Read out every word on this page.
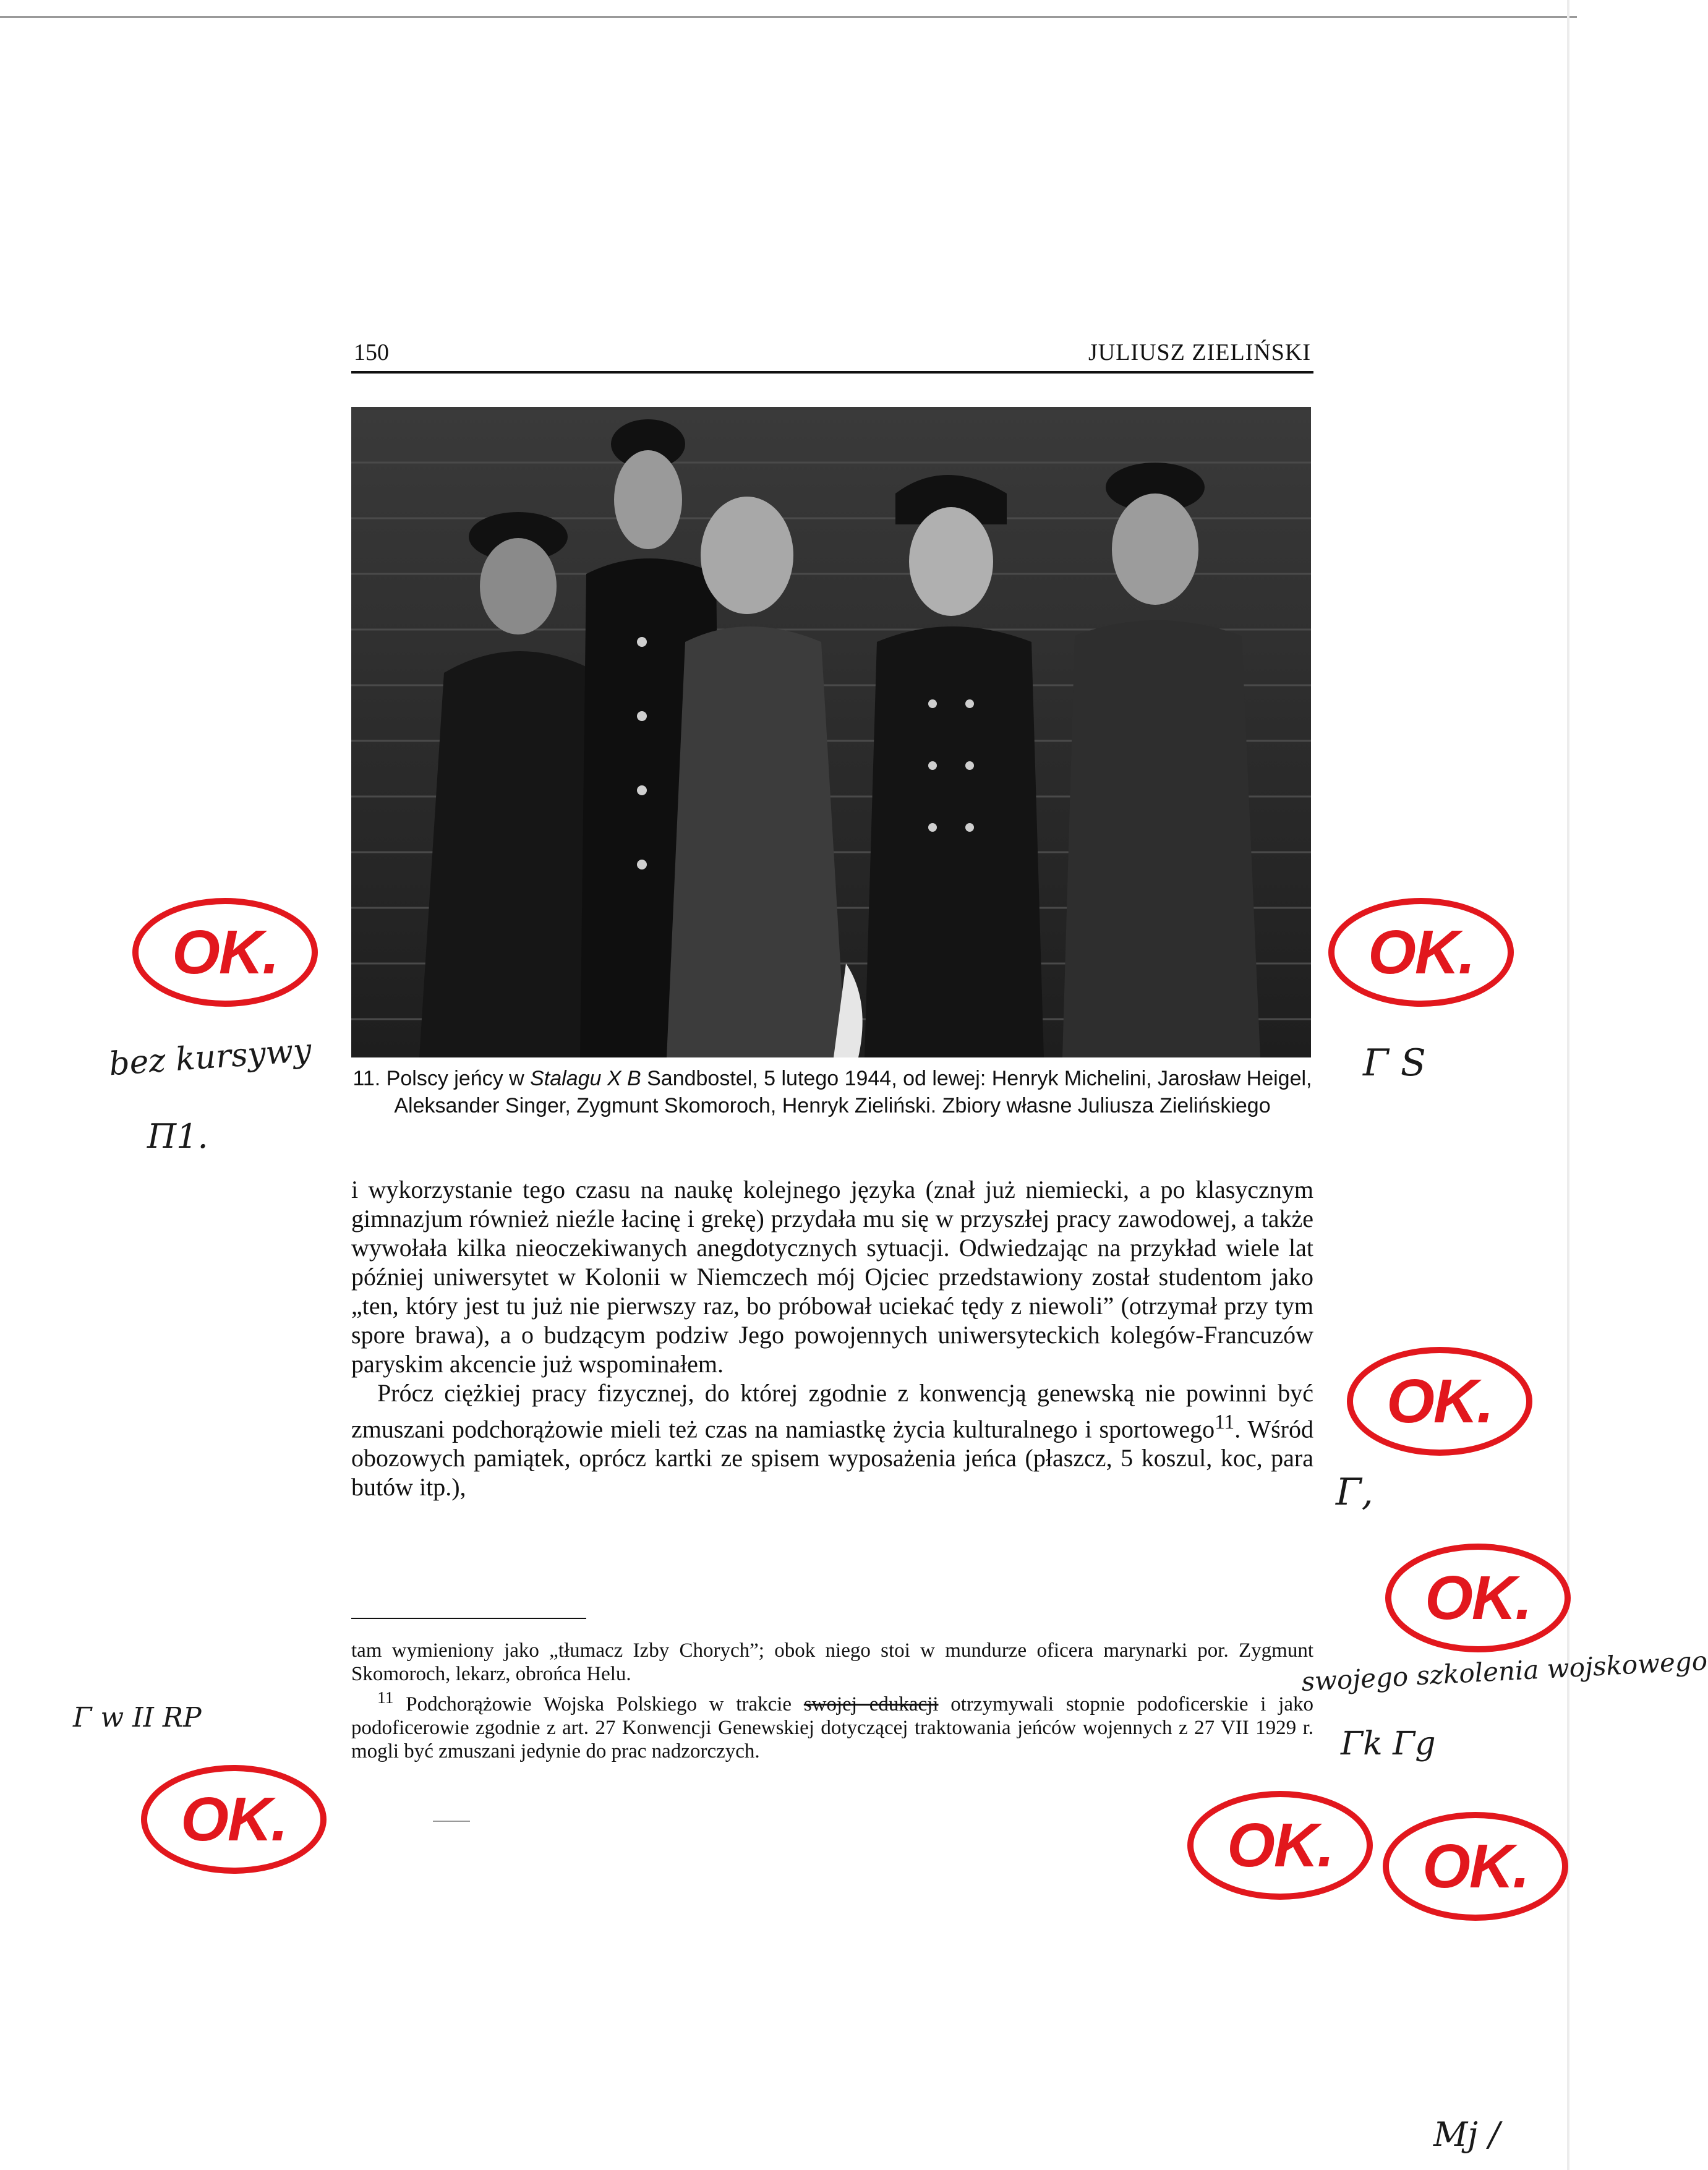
150	JULIUSZ ZIELIŃSKI
11. Polscy jeńcy w Stalagu X B Sandbostel, 5 lutego 1944, od lewej: Henryk Michelini, Jarosław Heigel, Aleksander Singer, Zygmunt Skomoroch, Henryk Zieliński. Zbiory własne Juliusza Zielińskiego

i wykorzystanie tego czasu na naukę kolejnego języka (znał już niemiecki, a po klasycznym gimnazjum również nieźle łacinę i grekę) przydała mu się w przyszłej pracy zawodowej, a także wywołała kilka nieoczekiwanych anegdotycznych sytuacji. Odwiedzając na przykład wiele lat później uniwersytet w Kolonii w Niemczech mój Ojciec przedstawiony został studentom jako „ten, który jest tu już nie pierwszy raz, bo próbował uciekać tędy z niewoli” (otrzymał przy tym spore brawa), a o budzącym podziw Jego powojennych uniwersyteckich kolegów-Francuzów paryskim akcencie już wspominałem.

Prócz ciężkiej pracy fizycznej, do której zgodnie z konwencją genewską nie powinni być zmuszani podchorążowie mieli też czas na namiastkę życia kulturalnego i sportowego$^{11}$. Wśród obozowych pamiątek, oprócz kartki ze spisem wyposażenia jeńca (płaszcz, 5 koszul, koc, para butów itp.),

tam wymieniony jako „tłumacz Izby Chorych”; obok niego stoi w mundurze oficera marynarki por. Zygmunt Skomoroch, lekarz, obrońca Helu.

$^{11}$ Podchorążowie Wojska Polskiego w trakcie swojej edukacji otrzymywali stopnie podoficerskie i jako podoficerowie zgodnie z art. 27 Konwencji Genewskiej dotyczącej traktowania jeńców wojennych z 27 VII 1929 r. mogli być zmuszani jedynie do prac nadzorczych.

OK.	OK.
OK.
OK.
OK.	OK.	OK.
bez kursywy
Π1.
Γ S
Γ,
Γ w II RP
swojego szkolenia wojskowego
Γk Γg
Mj /
